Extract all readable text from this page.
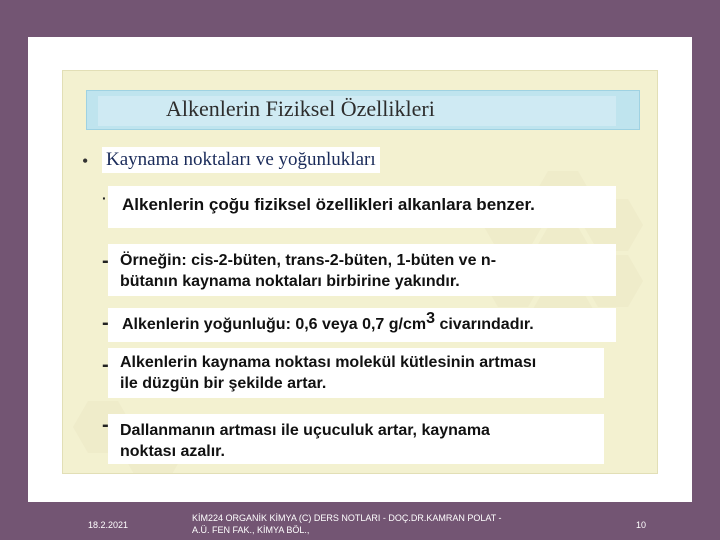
Alkenlerin Fiziksel Özellikleri
• Kaynama noktaları ve yoğunlukları
· Alkenlerin çoğu fiziksel özellikleri alkanlara benzer.
- Örneğin: cis-2-büten, trans-2-büten, 1-büten ve n-
bütanın kaynama noktaları birbirine yakındır.
- Alkenlerin yoğunluğu: 0,6 veya 0,7 $g/cm^3$ civarındadır.
- Alkenlerin kaynama noktası molekül kütlesinin artması
ile düzgün bir şekilde artar.
- Dallanmanın artması ile uçuculuk artar, kaynama
noktası azalır.
18.2.2021
KİM224 ORGANİK KİMYA (C) DERS NOTLARI - DOÇ.DR.KAMRAN POLAT -
A.Ü. FEN FAK., KİMYA BÖL.,	10
